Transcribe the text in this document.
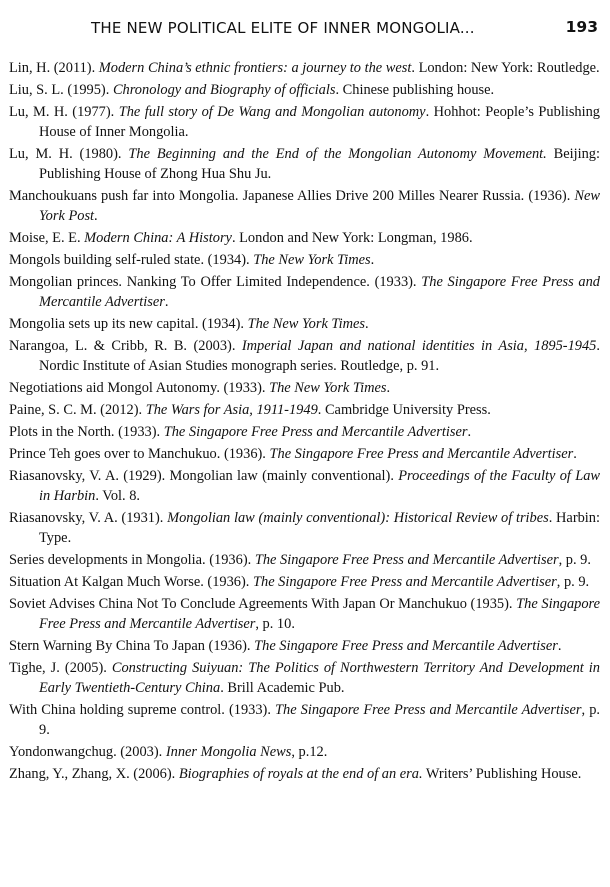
THE NEW POLITICAL ELITE OF INNER MONGOLIA...	193
Lin, H. (2011). Modern China’s ethnic frontiers: a journey to the west. London: New York: Routledge.
Liu, S. L. (1995). Chronology and Biography of officials. Chinese publishing house.
Lu, M. H. (1977). The full story of De Wang and Mongolian autonomy. Hohhot: People’s Publishing House of Inner Mongolia.
Lu, M. H. (1980). The Beginning and the End of the Mongolian Autonomy Movement. Beijing: Publishing House of Zhong Hua Shu Ju.
Manchoukuans push far into Mongolia. Japanese Allies Drive 200 Milles Nearer Russia. (1936). New York Post.
Moise, E. E. Modern China: A History. London and New York: Longman, 1986.
Mongols building self-ruled state. (1934). The New York Times.
Mongolian princes. Nanking To Offer Limited Independence. (1933). The Singapore Free Press and Mercantile Advertiser.
Mongolia sets up its new capital. (1934). The New York Times.
Narangoa, L. & Cribb, R. B. (2003). Imperial Japan and national identities in Asia, 1895-1945. Nordic Institute of Asian Studies monograph series. Routledge, p. 91.
Negotiations aid Mongol Autonomy. (1933). The New York Times.
Paine, S. C. M. (2012). The Wars for Asia, 1911-1949. Cambridge University Press.
Plots in the North. (1933). The Singapore Free Press and Mercantile Advertiser.
Prince Teh goes over to Manchukuo. (1936). The Singapore Free Press and Mercantile Advertiser.
Riasanovsky, V. A. (1929). Mongolian law (mainly conventional). Proceedings of the Faculty of Law in Harbin. Vol. 8.
Riasanovsky, V. A. (1931). Mongolian law (mainly conventional): Historical Review of tribes. Harbin: Type.
Series developments in Mongolia. (1936). The Singapore Free Press and Mercantile Advertiser, p. 9.
Situation At Kalgan Much Worse. (1936). The Singapore Free Press and Mercantile Advertiser, p. 9.
Soviet Advises China Not To Conclude Agreements With Japan Or Manchukuo (1935). The Singapore Free Press and Mercantile Advertiser, p. 10.
Stern Warning By China To Japan (1936). The Singapore Free Press and Mercantile Advertiser.
Tighe, J. (2005). Constructing Suiyuan: The Politics of Northwestern Territory And Development in Early Twentieth-Century China. Brill Academic Pub.
With China holding supreme control. (1933). The Singapore Free Press and Mercantile Advertiser, p. 9.
Yondonwangchug. (2003). Inner Mongolia News, p.12.
Zhang, Y., Zhang, X. (2006). Biographies of royals at the end of an era. Writers’ Publishing House.
